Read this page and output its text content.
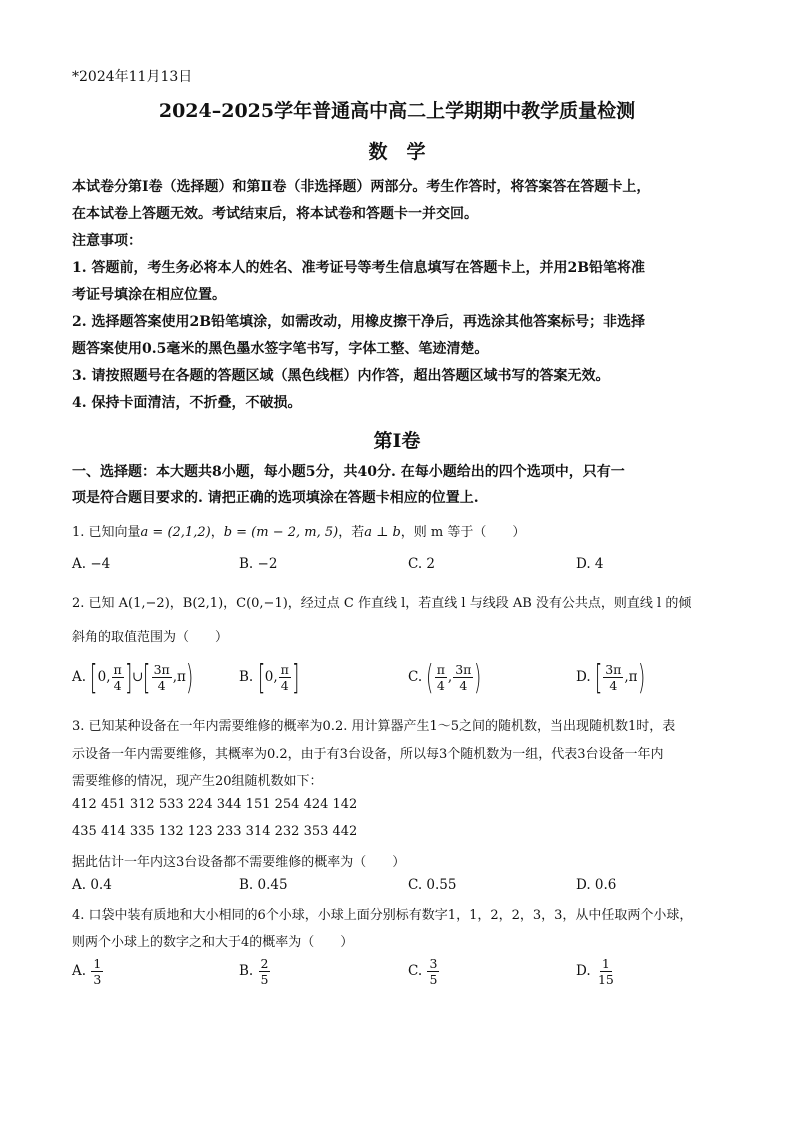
*2024年11月13日
2024–2025学年普通高中高二上学期期中教学质量检测
数　学
本试卷分第Ⅰ卷（选择题）和第Ⅱ卷（非选择题）两部分。考生作答时，将答案答在答题卡上，
在本试卷上答题无效。考试结束后，将本试卷和答题卡一并交回。
注意事项：
1. 答题前，考生务必将本人的姓名、准考证号等考生信息填写在答题卡上，并用2B铅笔将准
考证号填涂在相应位置。
2. 选择题答案使用2B铅笔填涂，如需改动，用橡皮擦干净后，再选涂其他答案标号；非选择
题答案使用0.5毫米的黑色墨水签字笔书写，字体工整、笔迹清楚。
3. 请按照题号在各题的答题区域（黑色线框）内作答，超出答题区域书写的答案无效。
4. 保持卡面清洁，不折叠，不破损。
第Ⅰ卷
一、选择题：本大题共8小题，每小题5分，共40分. 在每小题给出的四个选项中，只有一
项是符合题目要求的. 请把正确的选项填涂在答题卡相应的位置上.
1. 已知向量a = (2,1,2)，b = (m − 2, m, 5)，若a ⊥ b，则 m 等于（　　）
A. −4	B. −2	C. 2	D. 4
2. 已知 A(1,−2)，B(2,1)，C(0,−1)，经过点 C 作直线 l，若直线 l 与线段 AB 没有公共点，则直线 l 的倾
斜角的取值范围为（　　）
A. [0, $\frac{\pi}{4}$ ]∪[ $\frac{3\pi}{4} ,\pi$)	B. [0, $\frac{\pi}{4}$ ]	C. ( $\frac{\pi}{4}$ , $\frac{3\pi}{4}$ )	D. [ $\frac{3\pi}{4} ,\pi$)
3. 已知某种设备在一年内需要维修的概率为0.2. 用计算器产生1～5之间的随机数，当出现随机数1时，表
示设备一年内需要维修，其概率为0.2，由于有3台设备，所以每3个随机数为一组，代表3台设备一年内
需要维修的情况，现产生20组随机数如下：
412 451 312 533 224 344 151 254 424 142
435 414 335 132 123 233 314 232 353 442
据此估计一年内这3台设备都不需要维修的概率为（　　）
A. 0.4	B. 0.45	C. 0.55	D. 0.6
4. 口袋中装有质地和大小相同的6个小球，小球上面分别标有数字1，1，2，2，3，3，从中任取两个小球，
则两个小球上的数字之和大于4的概率为（　　）
A. $\frac{1}{3}$	B. $\frac{2}{5}$	C. $\frac{3}{5}$	D. $\frac{1}{15}$
